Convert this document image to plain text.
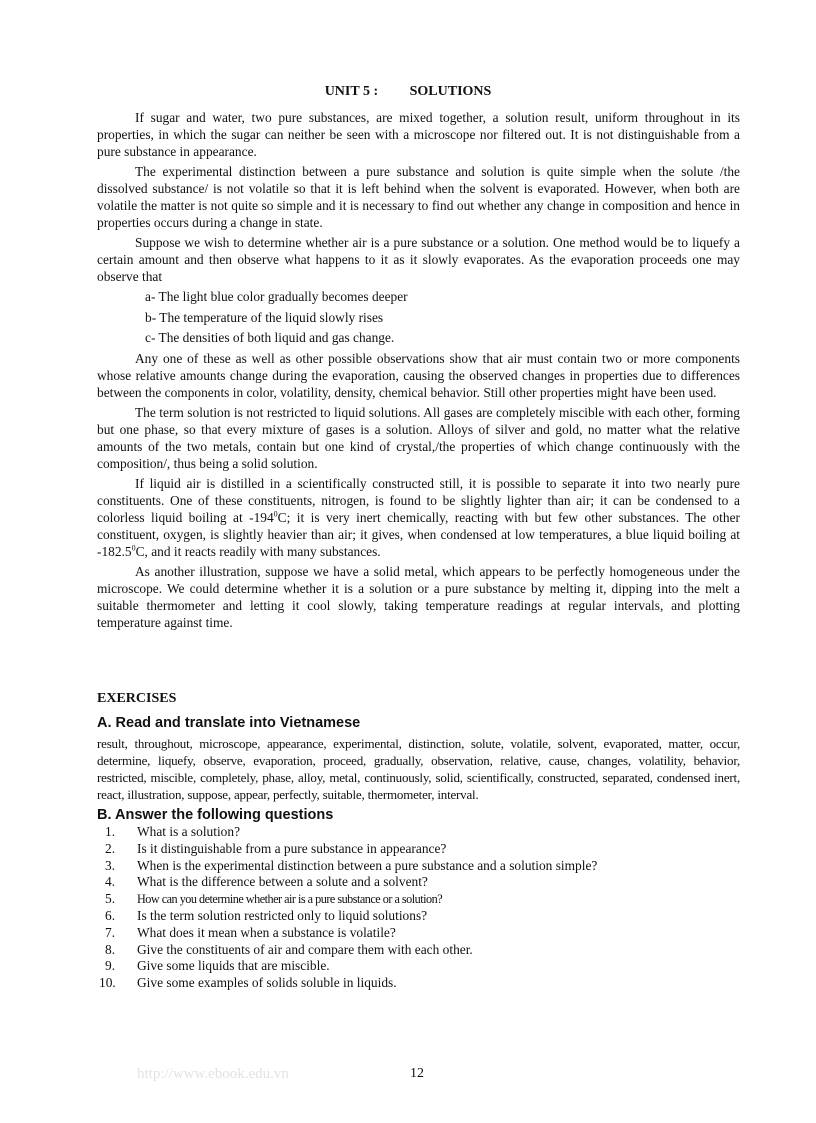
UNIT 5 : SOLUTIONS

If sugar and water, two pure substances, are mixed together, a solution result, uniform throughout in its properties, in which the sugar can neither be seen with a microscope nor filtered out. It is not distinguishable from a pure substance in appearance.

The experimental distinction between a pure substance and solution is quite simple when the solute /the dissolved substance/ is not volatile so that it is left behind when the solvent is evaporated. However, when both are volatile the matter is not quite so simple and it is necessary to find out whether any change in composition and hence in properties occurs during a change in state.

Suppose we wish to determine whether air is a pure substance or a solution. One method would be to liquefy a certain amount and then observe what happens to it as it slowly evaporates. As the evaporation proceeds one may observe that

a- The light blue color gradually becomes deeper

b- The temperature of the liquid slowly rises

c- The densities of both liquid and gas change.

Any one of these as well as other possible observations show that air must contain two or more components whose relative amounts change during the evaporation, causing the observed changes in properties due to differences between the components in color, volatility, density, chemical behavior. Still other properties might have been used.

The term solution is not restricted to liquid solutions. All gases are completely miscible with each other, forming but one phase, so that every mixture of gases is a solution. Alloys of silver and gold, no matter what the relative amounts of the two metals, contain but one kind of crystal,/the properties of which change continuously with the composition/, thus being a solid solution.

If liquid air is distilled in a scientifically constructed still, it is possible to separate it into two nearly pure constituents. One of these constituents, nitrogen, is found to be slightly lighter than air; it can be condensed to a colorless liquid boiling at $-194^0C$; it is very inert chemically, reacting with but few other substances. The other constituent, oxygen, is slightly heavier than air; it gives, when condensed at low temperatures, a blue liquid boiling at -182.5$^0$C, and it reacts readily with many substances.

As another illustration, suppose we have a solid metal, which appears to be perfectly homogeneous under the microscope. We could determine whether it is a solution or a pure substance by melting it, dipping into the melt a suitable thermometer and letting it cool slowly, taking temperature readings at regular intervals, and plotting temperature against time.

EXERCISES
A. Read and translate into Vietnamese
result, throughout, microscope, appearance, experimental, distinction, solute, volatile, solvent, evaporated, matter, occur, determine, liquefy, observe, evaporation, proceed, gradually, observation, relative, cause, changes, volatility, behavior, restricted, miscible, completely, phase, alloy, metal, continuously, solid, scientifically, constructed, separated, condensed inert, react, illustration, suppose, appear, perfectly, suitable, thermometer, interval.
B. Answer the following questions
1.	What is a solution?
2.	Is it distinguishable from a pure substance in appearance?
3.	When is the experimental distinction between a pure substance and a solution simple?
4.	What is the difference between a solute and a solvent?
5.	How can you determine whether air is a pure substance or a solution?
6.	Is the term solution restricted only to liquid solutions?
7.	What does it mean when a substance is volatile?
8.	Give the constituents of air and compare them with each other.
9.	Give some liquids that are miscible.
10.	Give some examples of solids soluble in liquids.
http://www.ebook.edu.vn	12
